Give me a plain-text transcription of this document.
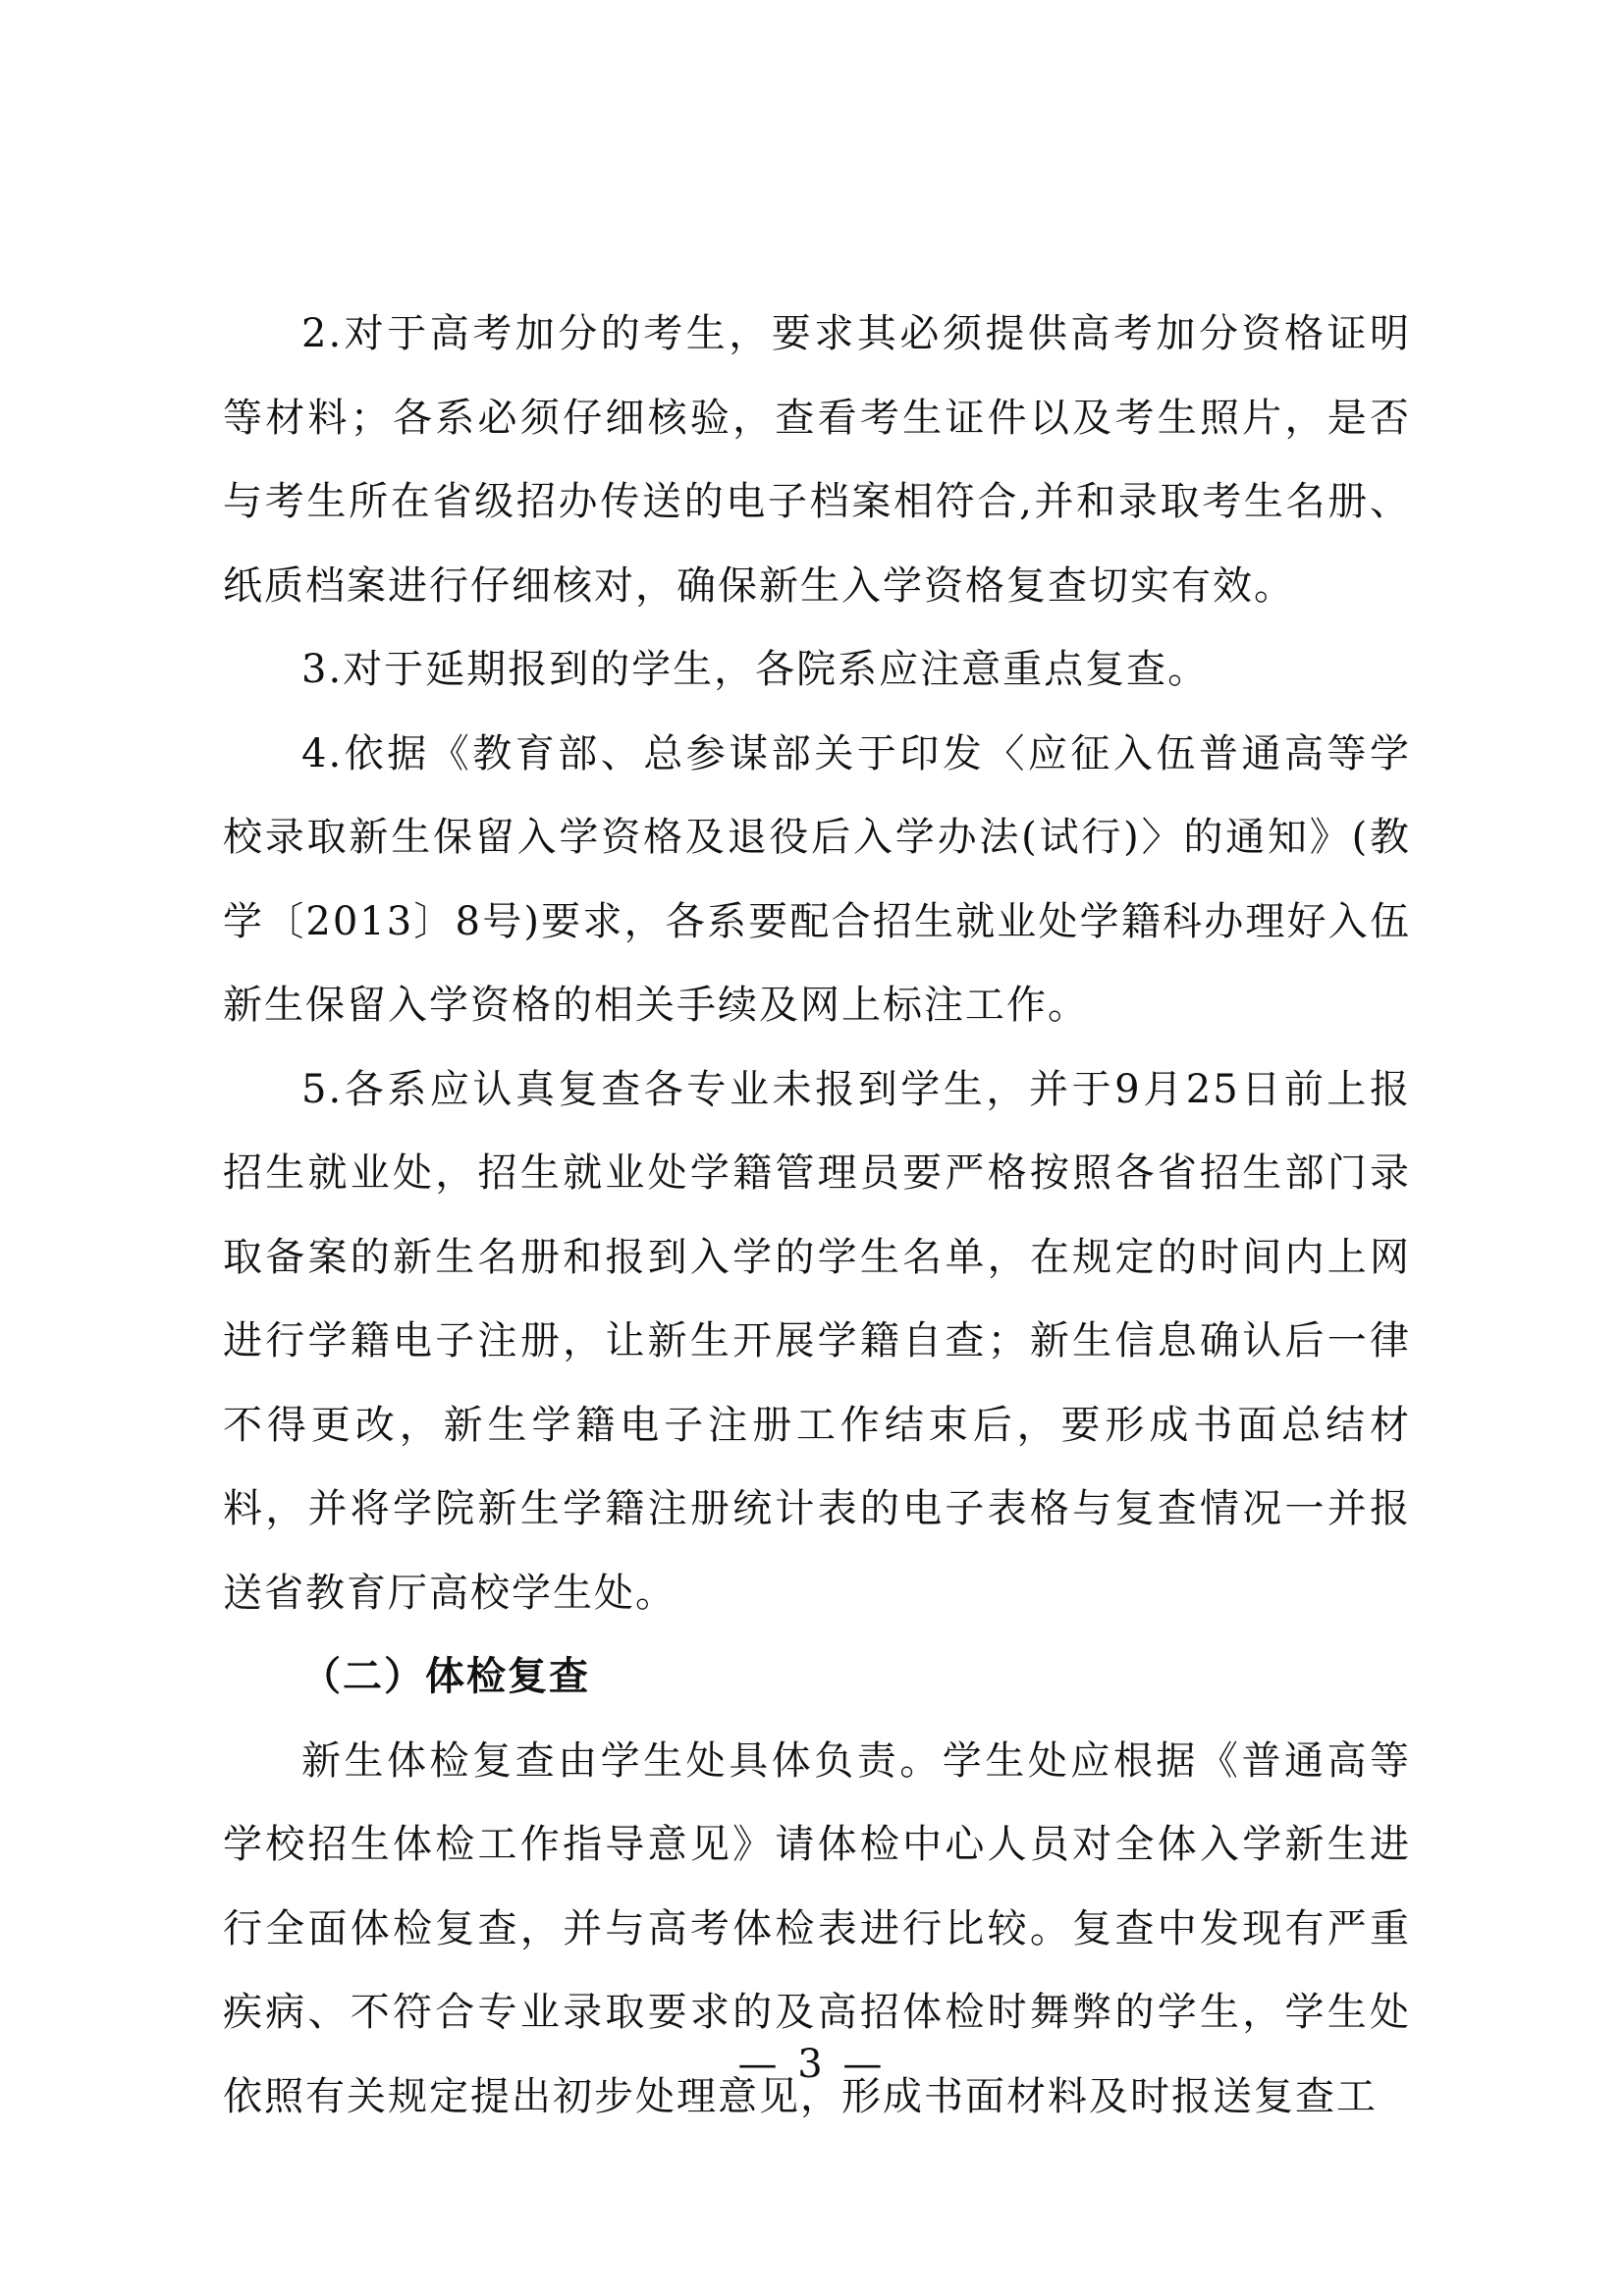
2.对于高考加分的考生，要求其必须提供高考加分资格证明等材料；各系必须仔细核验，查看考生证件以及考生照片，是否与考生所在省级招办传送的电子档案相符合,并和录取考生名册、纸质档案进行仔细核对，确保新生入学资格复查切实有效。

3.对于延期报到的学生，各院系应注意重点复查。

4.依据《教育部、总参谋部关于印发〈应征入伍普通高等学校录取新生保留入学资格及退役后入学办法(试行)〉的通知》(教学〔2013〕8号)要求，各系要配合招生就业处学籍科办理好入伍新生保留入学资格的相关手续及网上标注工作。

5.各系应认真复查各专业未报到学生，并于9月25日前上报招生就业处，招生就业处学籍管理员要严格按照各省招生部门录取备案的新生名册和报到入学的学生名单，在规定的时间内上网进行学籍电子注册，让新生开展学籍自查；新生信息确认后一律不得更改，新生学籍电子注册工作结束后，要形成书面总结材料，并将学院新生学籍注册统计表的电子表格与复查情况一并报送省教育厅高校学生处。

（二）体检复查

新生体检复查由学生处具体负责。学生处应根据《普通高等学校招生体检工作指导意见》请体检中心人员对全体入学新生进行全面体检复查，并与高考体检表进行比较。复查中发现有严重疾病、不符合专业录取要求的及高招体检时舞弊的学生，学生处依照有关规定提出初步处理意见，形成书面材料及时报送复查工

— 3 —
